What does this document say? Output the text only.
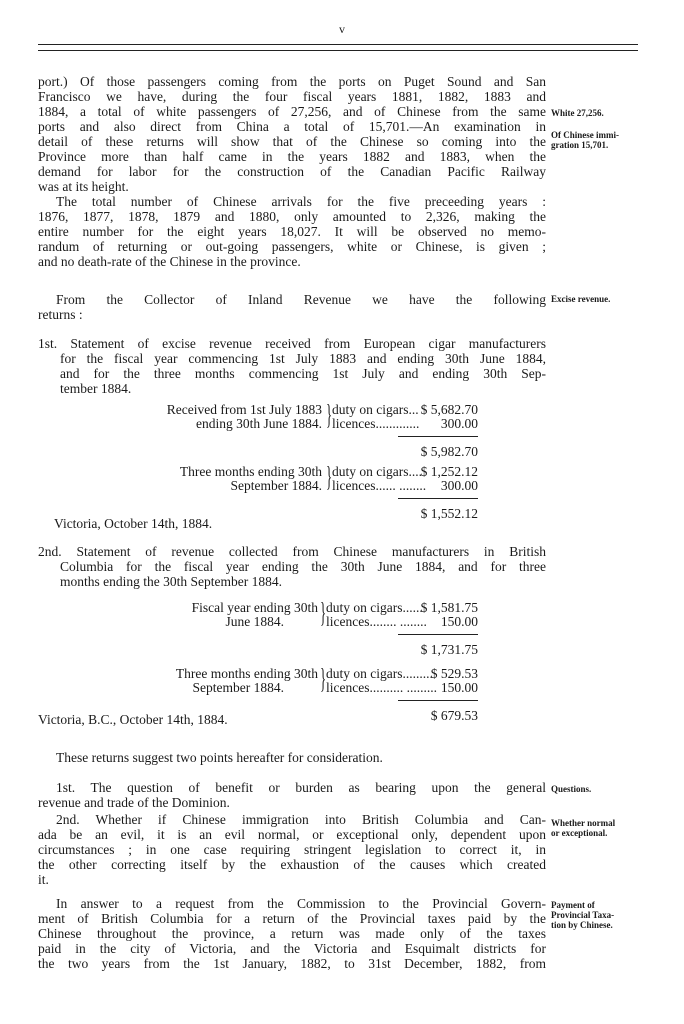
v
port.) Of those passengers coming from the ports on Puget Sound and San
Francisco we have, during the four fiscal years 1881, 1882, 1883 and
1884, a total of white passengers of 27,256, and of Chinese from the same
ports and also direct from China a total of 15,701.—An examination in
detail of these returns will show that of the Chinese so coming into the
Province more than half came in the years 1882 and 1883, when the
demand for labor for the construction of the Canadian Pacific Railway
was at its height.
The total number of Chinese arrivals for the five preceeding years :
1876, 1877, 1878, 1879 and 1880, only amounted to 2,326, making the
entire number for the eight years 18,027. It will be observed no memo-
randum of returning or out-going passengers, white or Chinese, is given ;
and no death-rate of the Chinese in the province.
From the Collector of Inland Revenue we have the following
returns :
1st. Statement of excise revenue received from European cigar manufacturers
for the fiscal year commencing 1st July 1883 and ending 30th June 1884,
and for the three months commencing 1st July and ending 30th Sep-
tember 1884.
Received from 1st July 1883
ending 30th June 1884. } duty on cigars...
licences.............
$ 5,682.70
300.00
$ 5,982.70
Three months ending 30th
September 1884. } duty on cigars....
licences...... ........
$ 1,252.12
300.00
$ 1,552.12
Victoria, October 14th, 1884.
2nd. Statement of revenue collected from Chinese manufacturers in British
Columbia for the fiscal year ending the 30th June 1884, and for three
months ending the 30th September 1884.
Fiscal year ending 30th
June 1884. } duty on cigars......
licences........ ........
$ 1,581.75
150.00
$ 1,731.75
Three months ending 30th
September 1884. } duty on cigars.........
licences.......... .........
$ 529.53
150.00
$ 679.53
Victoria, B.C., October 14th, 1884.
These returns suggest two points hereafter for consideration.
1st. The question of benefit or burden as bearing upon the general
revenue and trade of the Dominion.
2nd. Whether if Chinese immigration into British Columbia and Can-
ada be an evil, it is an evil normal, or exceptional only, dependent upon
circumstances ; in one case requiring stringent legislation to correct it, in
the other correcting itself by the exhaustion of the causes which created
it.
In answer to a request from the Commission to the Provincial Govern-
ment of British Columbia for a return of the Provincial taxes paid by the
Chinese throughout the province, a return was made only of the taxes
paid in the city of Victoria, and the Victoria and Esquimalt districts for
the two years from the 1st January, 1882, to 31st December, 1882, from
White 27,256.
Of Chinese immi-
gration 15,701.
Excise revenue.
Questions.
Whether normal
or exceptional.
Payment of
Provincial Taxa-
tion by Chinese.
